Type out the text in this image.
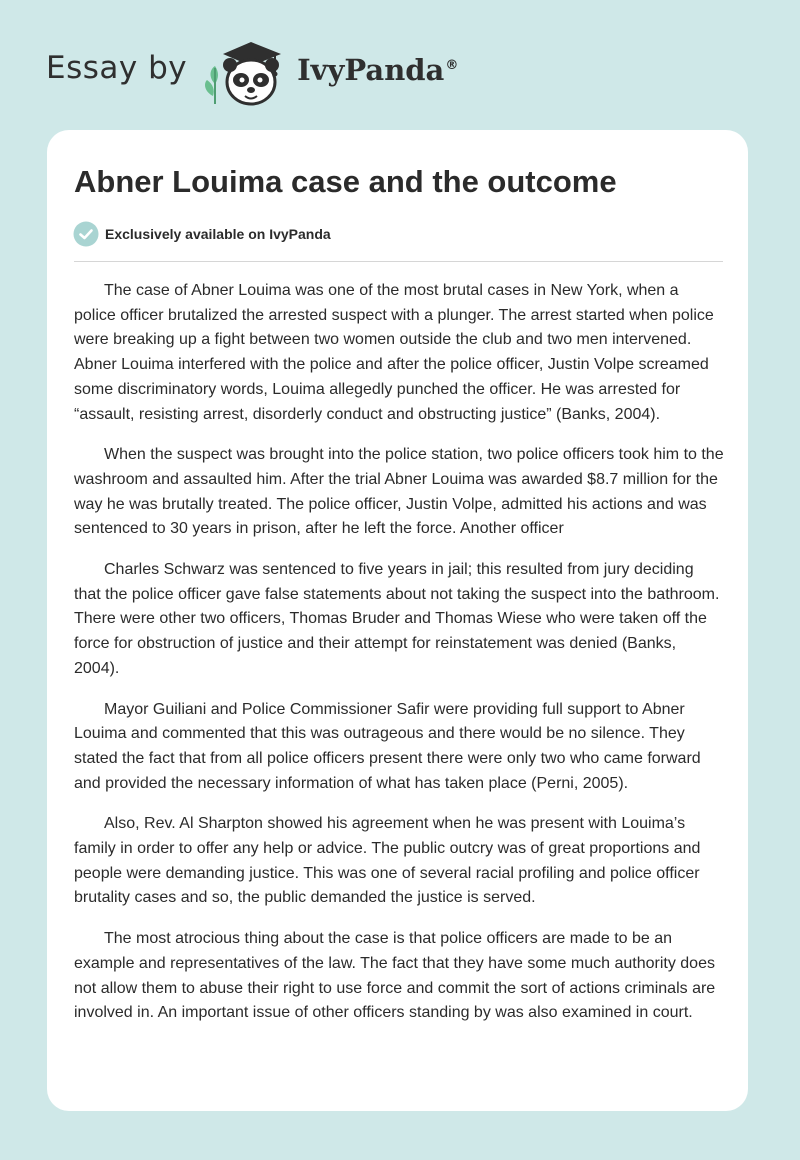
Essay by	IvyPanda®
Abner Louima case and the outcome
Exclusively available on IvyPanda

The case of Abner Louima was one of the most brutal cases in New York, when a police officer brutalized the arrested suspect with a plunger. The arrest started when police were breaking up a fight between two women outside the club and two men intervened. Abner Louima interfered with the police and after the police officer, Justin Volpe screamed some discriminatory words, Louima allegedly punched the officer. He was arrested for “assault, resisting arrest, disorderly conduct and obstructing justice” (Banks, 2004).

When the suspect was brought into the police station, two police officers took him to the washroom and assaulted him. After the trial Abner Louima was awarded $8.7 million for the way he was brutally treated. The police officer, Justin Volpe, admitted his actions and was sentenced to 30 years in prison, after he left the force. Another officer

Charles Schwarz was sentenced to five years in jail; this resulted from jury deciding that the police officer gave false statements about not taking the suspect into the bathroom. There were other two officers, Thomas Bruder and Thomas Wiese who were taken off the force for obstruction of justice and their attempt for reinstatement was denied (Banks, 2004).

Mayor Guiliani and Police Commissioner Safir were providing full support to Abner Louima and commented that this was outrageous and there would be no silence. They stated the fact that from all police officers present there were only two who came forward and provided the necessary information of what has taken place (Perni, 2005).

Also, Rev. Al Sharpton showed his agreement when he was present with Louima’s family in order to offer any help or advice. The public outcry was of great proportions and people were demanding justice. This was one of several racial profiling and police officer brutality cases and so, the public demanded the justice is served.

The most atrocious thing about the case is that police officers are made to be an example and representatives of the law. The fact that they have some much authority does not allow them to abuse their right to use force and commit the sort of actions criminals are involved in. An important issue of other officers standing by was also examined in court.
